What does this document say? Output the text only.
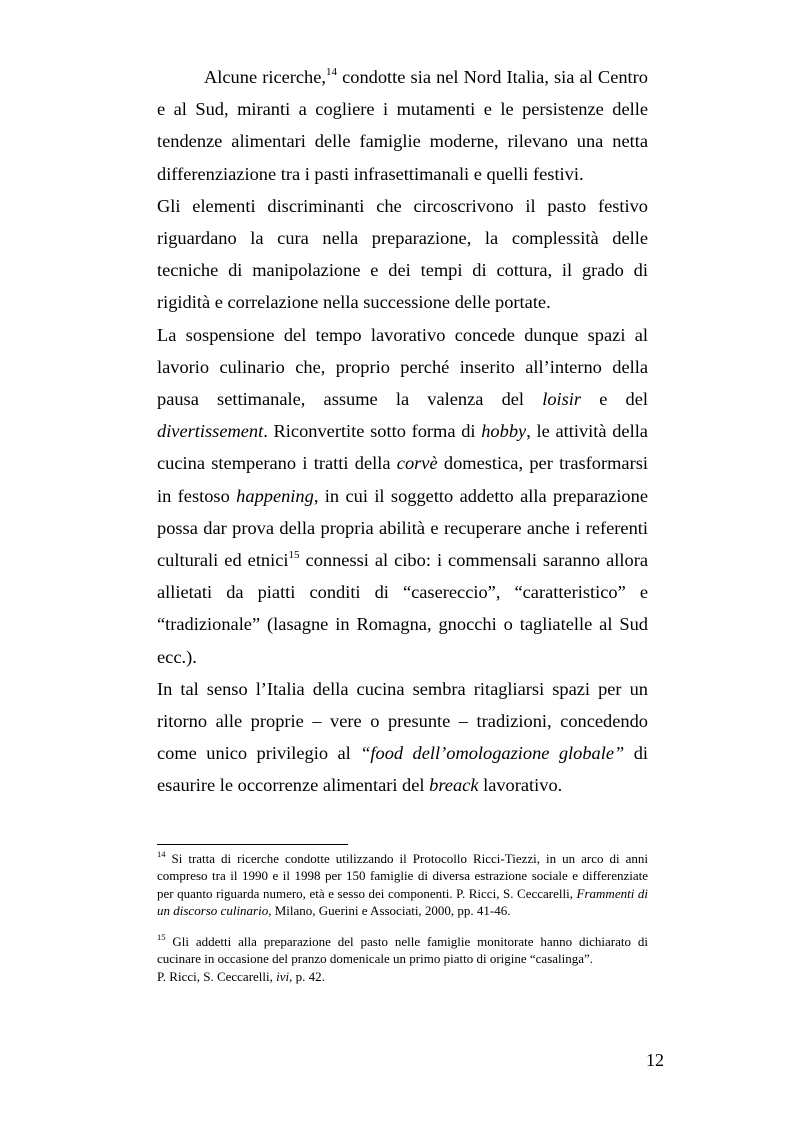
Alcune ricerche,$^{14}$ condotte sia nel Nord Italia, sia al Centro e al Sud, miranti a cogliere i mutamenti e le persistenze delle tendenze alimentari delle famiglie moderne, rilevano una netta differenziazione tra i pasti infrasettimanali e quelli festivi.

Gli elementi discriminanti che circoscrivono il pasto festivo riguardano la cura nella preparazione, la complessità delle tecniche di manipolazione e dei tempi di cottura, il grado di rigidità e correlazione nella successione delle portate.

La sospensione del tempo lavorativo concede dunque spazi al lavorio culinario che, proprio perché inserito all’interno della pausa settimanale, assume la valenza del loisir e del divertissement. Riconvertite sotto forma di hobby, le attività della cucina stemperano i tratti della corvè domestica, per trasformarsi in festoso happening, in cui il soggetto addetto alla preparazione possa dar prova della propria abilità e recuperare anche i referenti culturali ed etnici$^{15}$ connessi al cibo: i commensali saranno allora allietati da piatti conditi di “casereccio”, “caratteristico” e “tradizionale” (lasagne in Romagna, gnocchi o tagliatelle al Sud ecc.).

In tal senso l’Italia della cucina sembra ritagliarsi spazi per un ritorno alle proprie – vere o presunte – tradizioni, concedendo come unico privilegio al “food dell’omologazione globale” di esaurire le occorrenze alimentari del breack lavorativo.

$^{14}$ Si tratta di ricerche condotte utilizzando il Protocollo Ricci-Tiezzi, in un arco di anni compreso tra il 1990 e il 1998 per 150 famiglie di diversa estrazione sociale e differenziate per quanto riguarda numero, età e sesso dei componenti. P. Ricci, S. Ceccarelli, Frammenti di un discorso culinario, Milano, Guerini e Associati, 2000, pp. 41-46.

$^{15}$ Gli addetti alla preparazione del pasto nelle famiglie monitorate hanno dichiarato di cucinare in occasione del pranzo domenicale un primo piatto di origine “casalinga”.
P. Ricci, S. Ceccarelli, ivi, p. 42.

12
